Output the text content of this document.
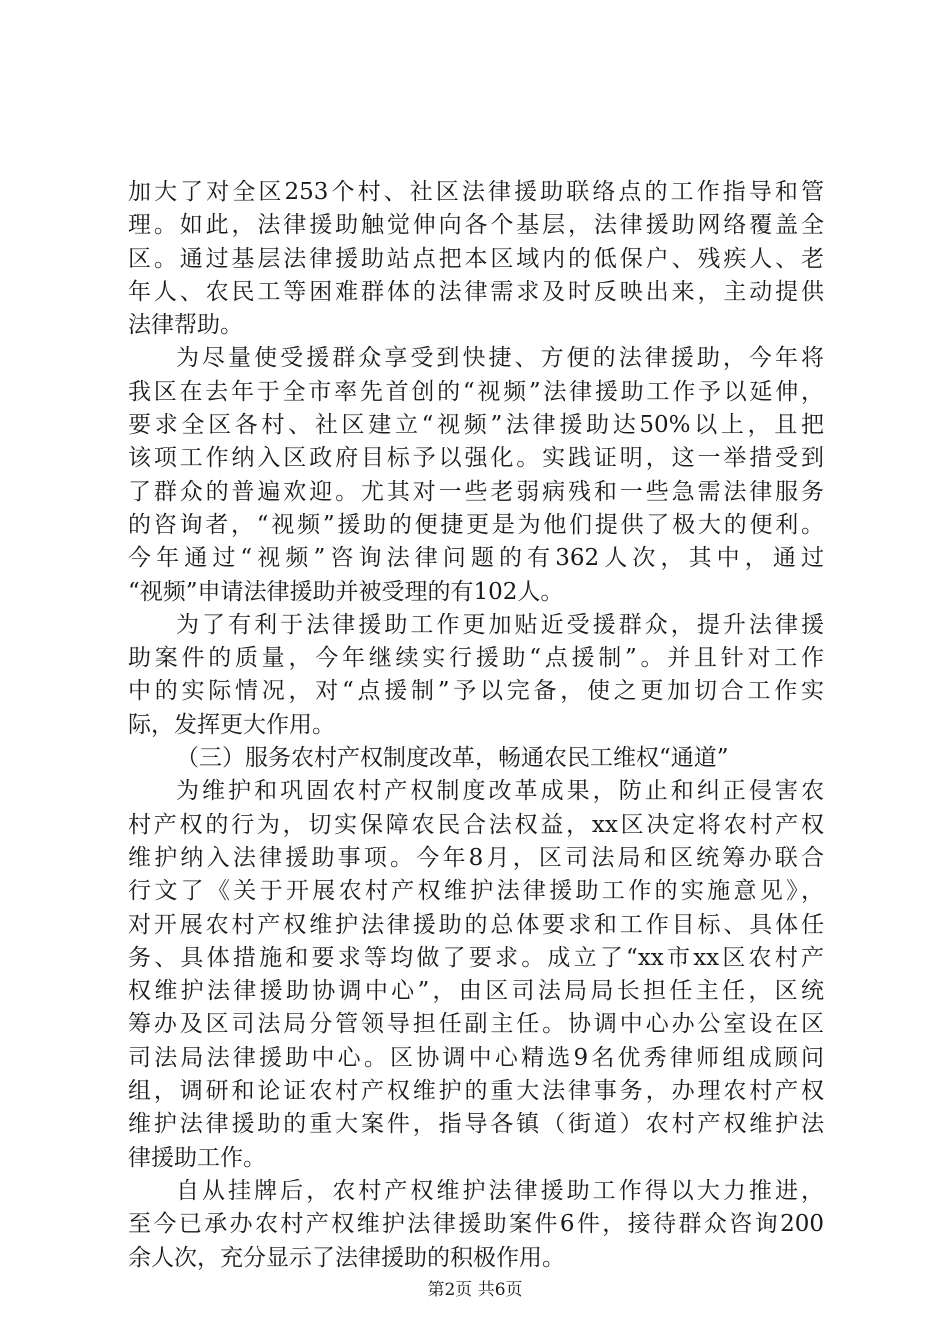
加大了对全区253个村、社区法律援助联络点的工作指导和管
理。如此，法律援助触觉伸向各个基层，法律援助网络覆盖全
区。通过基层法律援助站点把本区域内的低保户、残疾人、老
年人、农民工等困难群体的法律需求及时反映出来，主动提供
法律帮助。
为尽量使受援群众享受到快捷、方便的法律援助，今年将
我区在去年于全市率先首创的“视频”法律援助工作予以延伸，
要求全区各村、社区建立“视频”法律援助达50%以上，且把
该项工作纳入区政府目标予以强化。实践证明，这一举措受到
了群众的普遍欢迎。尤其对一些老弱病残和一些急需法律服务
的咨询者，“视频”援助的便捷更是为他们提供了极大的便利。
今年通过“视频”咨询法律问题的有362人次，其中，通过
“视频”申请法律援助并被受理的有102人。
为了有利于法律援助工作更加贴近受援群众，提升法律援
助案件的质量，今年继续实行援助“点援制”。并且针对工作
中的实际情况，对“点援制”予以完备，使之更加切合工作实
际，发挥更大作用。
（三）服务农村产权制度改革，畅通农民工维权“通道”
为维护和巩固农村产权制度改革成果，防止和纠正侵害农
村产权的行为，切实保障农民合法权益，xx区决定将农村产权
维护纳入法律援助事项。今年8月，区司法局和区统筹办联合
行文了《关于开展农村产权维护法律援助工作的实施意见》，
对开展农村产权维护法律援助的总体要求和工作目标、具体任
务、具体措施和要求等均做了要求。成立了“xx市xx区农村产
权维护法律援助协调中心”，由区司法局局长担任主任，区统
筹办及区司法局分管领导担任副主任。协调中心办公室设在区
司法局法律援助中心。区协调中心精选9名优秀律师组成顾问
组，调研和论证农村产权维护的重大法律事务，办理农村产权
维护法律援助的重大案件，指导各镇（街道）农村产权维护法
律援助工作。
自从挂牌后，农村产权维护法律援助工作得以大力推进，
至今已承办农村产权维护法律援助案件6件，接待群众咨询200
余人次，充分显示了法律援助的积极作用。
第2页 共6页
